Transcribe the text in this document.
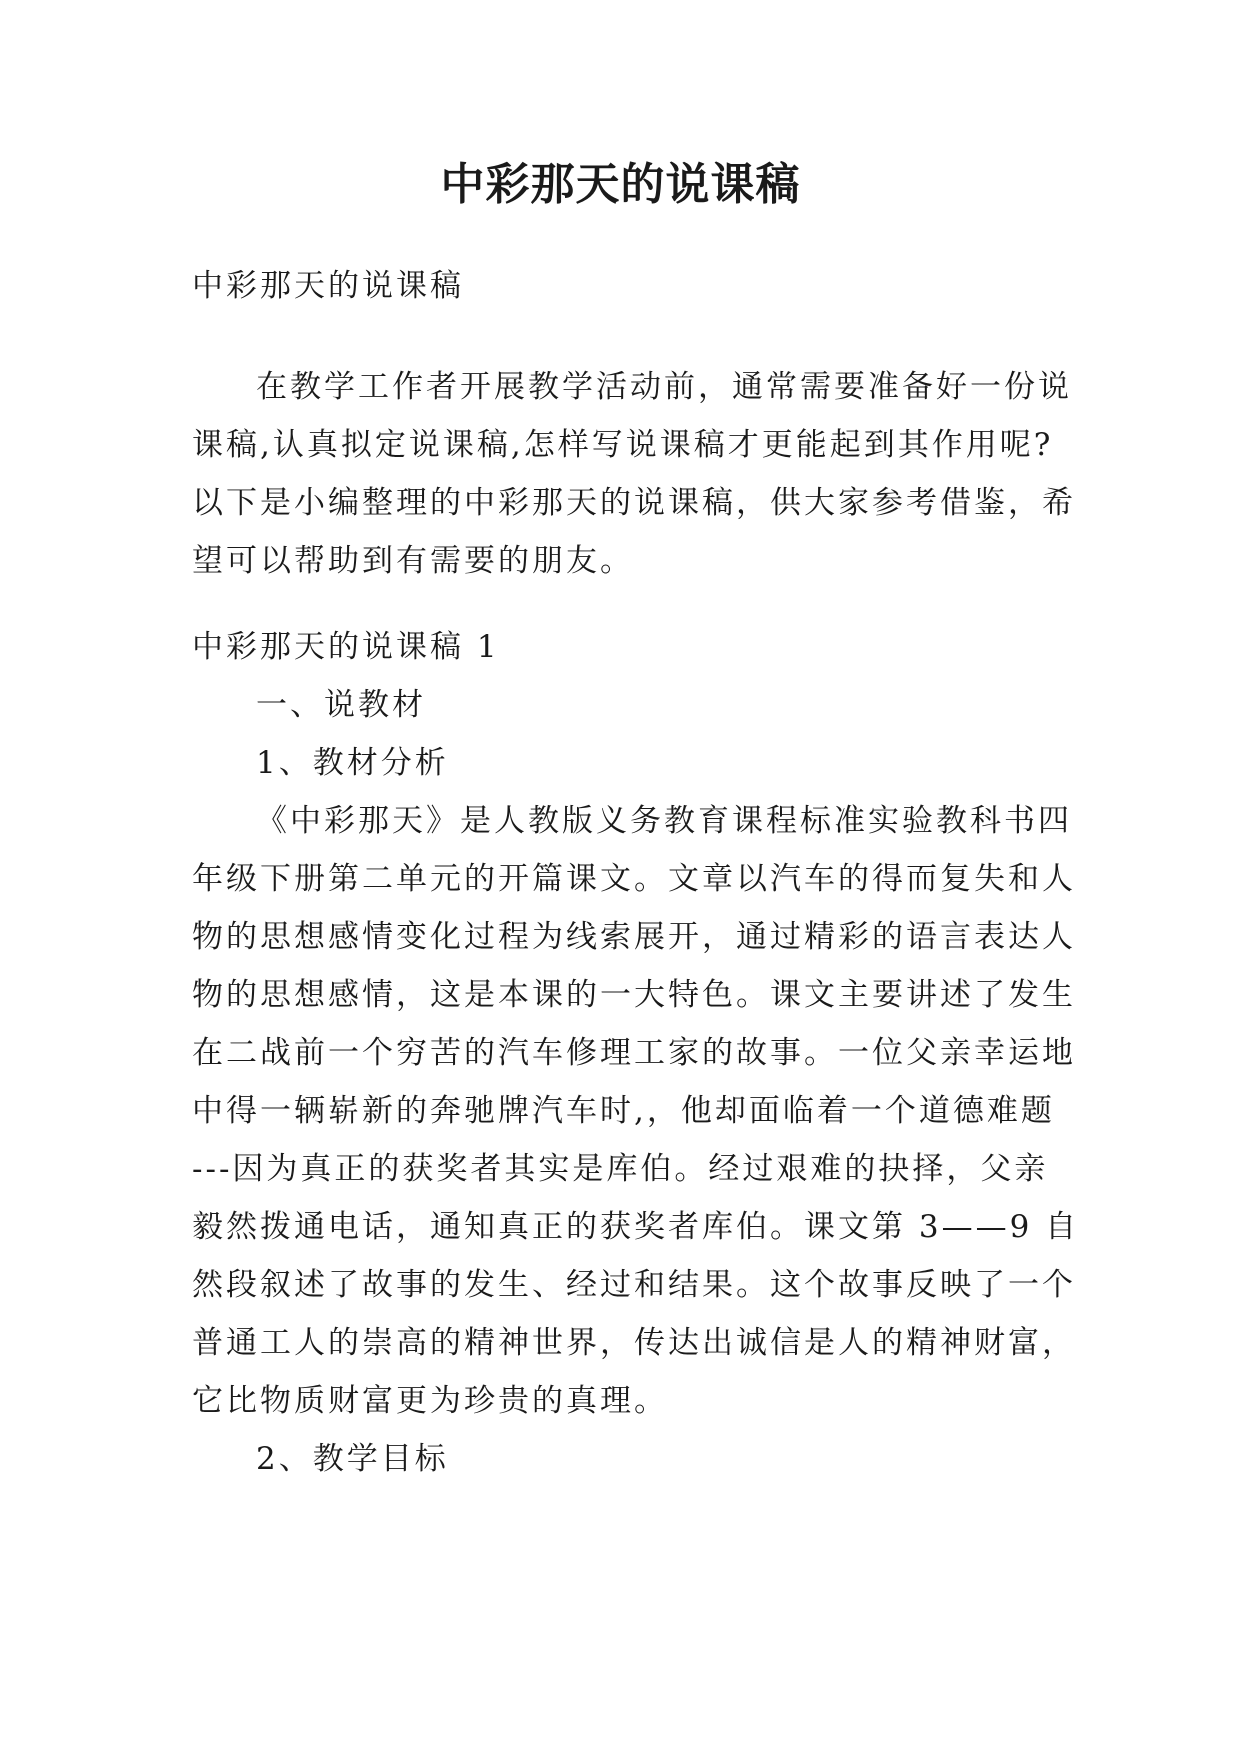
中彩那天的说课稿
中彩那天的说课稿
在教学工作者开展教学活动前，通常需要准备好一份说
课稿,认真拟定说课稿,怎样写说课稿才更能起到其作用呢?
以下是小编整理的中彩那天的说课稿，供大家参考借鉴，希
望可以帮助到有需要的朋友。
中彩那天的说课稿 1
一、说教材
1、教材分析
《中彩那天》是人教版义务教育课程标准实验教科书四
年级下册第二单元的开篇课文。文章以汽车的得而复失和人
物的思想感情变化过程为线索展开，通过精彩的语言表达人
物的思想感情，这是本课的一大特色。课文主要讲述了发生
在二战前一个穷苦的汽车修理工家的故事。一位父亲幸运地
中得一辆崭新的奔驰牌汽车时,，他却面临着一个道德难题
---因为真正的获奖者其实是库伯。经过艰难的抉择，父亲
毅然拨通电话，通知真正的获奖者库伯。课文第 3——9 自
然段叙述了故事的发生、经过和结果。这个故事反映了一个
普通工人的崇高的精神世界，传达出诚信是人的精神财富，
它比物质财富更为珍贵的真理。
2、教学目标
